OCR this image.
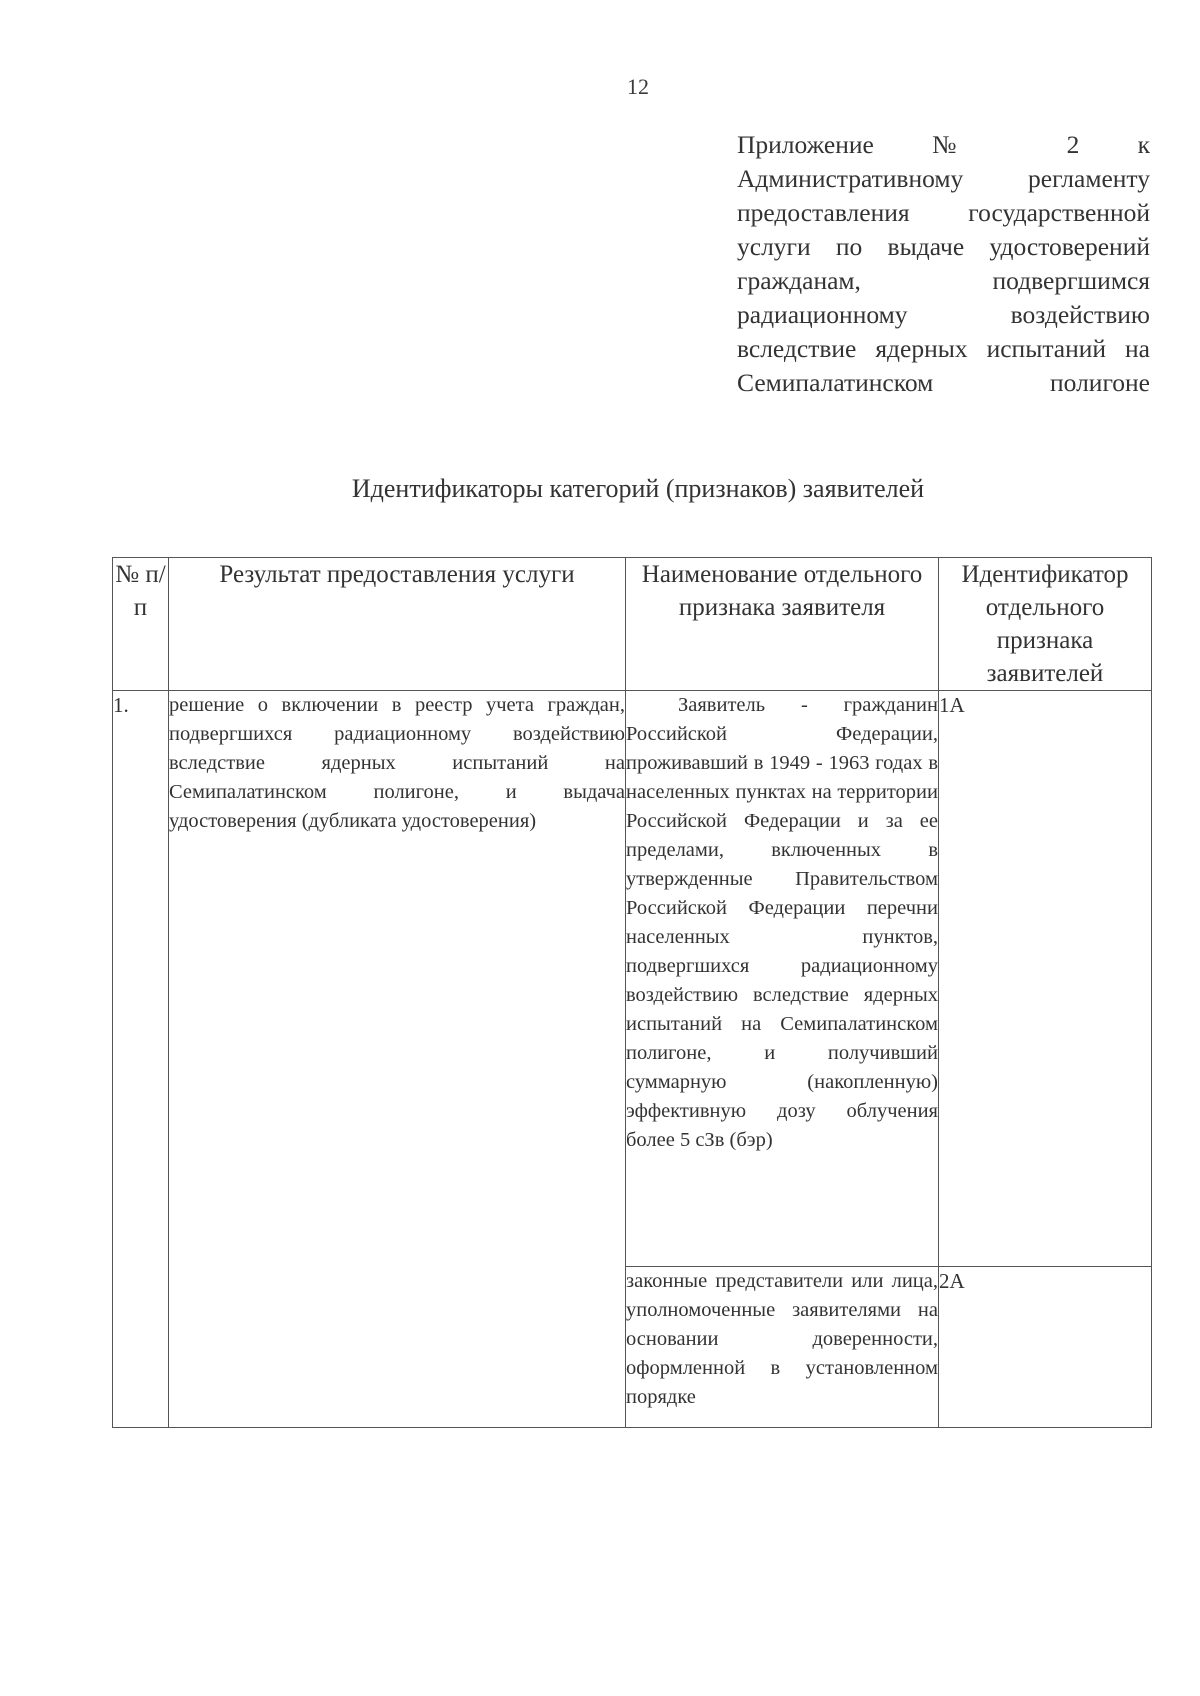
12
Приложение № 2 к Административному регламенту предоставления государственной услуги по выдаче удостоверений гражданам, подвергшимся радиационному воздействию вследствие ядерных испытаний на Семипалатинском полигоне
Идентификаторы категорий (признаков) заявителей
№ п/п	Результат предоставления услуги	Наименование отдельного признака заявителя	Идентификатор отдельного признака заявителей
1.	решение о включении в реестр учета граждан, подвергшихся радиационному воздействию вследствие ядерных испытаний на Семипалатинском полигоне, и выдача удостоверения (дубликата удостоверения)	Заявитель - гражданин Российской Федерации, проживавший в 1949 - 1963 годах в населенных пунктах на территории Российской Федерации и за ее пределами, включенных в утвержденные Правительством Российской Федерации перечни населенных пунктов, подвергшихся радиационному воздействию вследствие ядерных испытаний на Семипалатинском полигоне, и получивший суммарную (накопленную) эффективную дозу облучения более 5 сЗв (бэр)	1А
		законные представители или лица, уполномоченные заявителями на основании доверенности, оформленной в установленном порядке	2А
